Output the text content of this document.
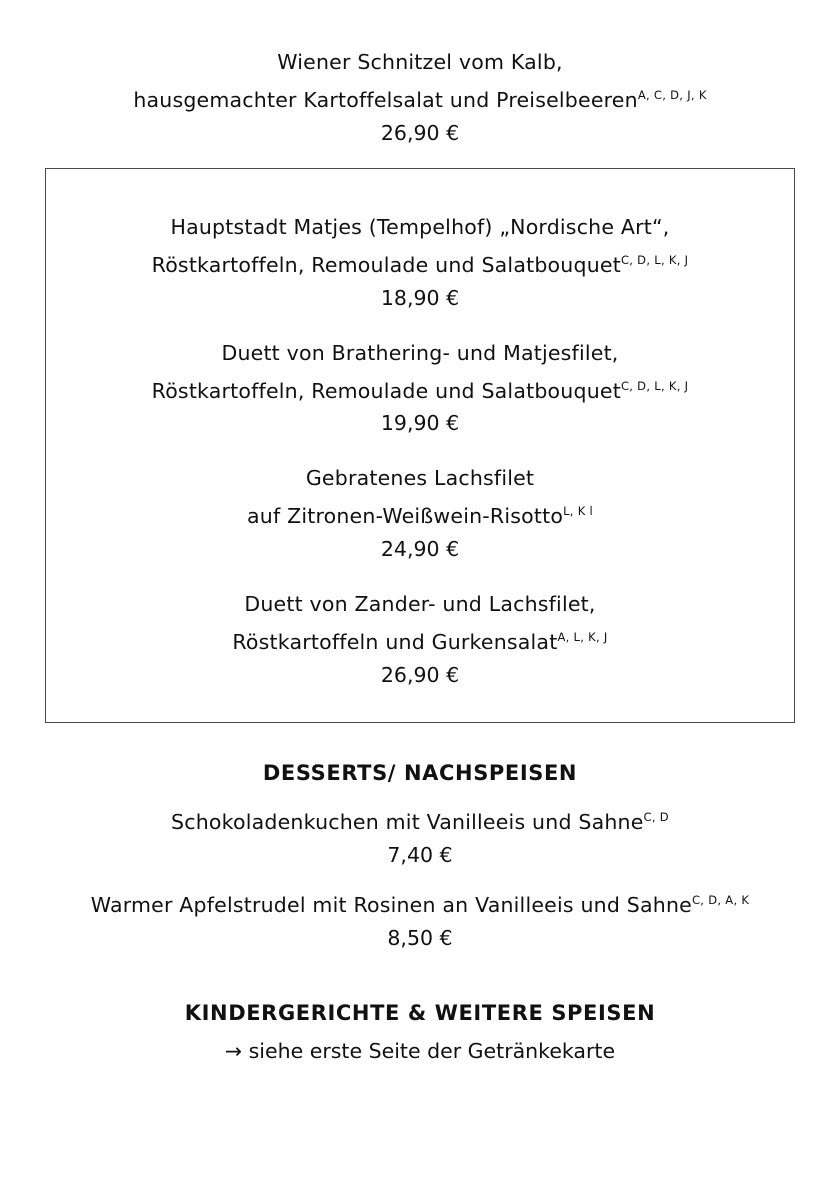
Wiener Schnitzel vom Kalb,
hausgemachter Kartoffelsalat und Preiselbeeren$^{A, C, D, J, K}$
26,90 €
Hauptstadt Matjes (Tempelhof) „Nordische Art“,
Röstkartoffeln, Remoulade und Salatbouquet$^{C, D, L, K, J}$
18,90 €
Duett von Brathering- und Matjesfilet,
Röstkartoffeln, Remoulade und Salatbouquet$^{C, D, L, K, J}$
19,90 €
Gebratenes Lachsfilet
auf Zitronen-Weißwein-Risotto$^{L, K l}$
24,90 €
Duett von Zander- und Lachsfilet,
Röstkartoffeln und Gurkensalat$^{A, L, K, J}$
26,90 €
DESSERTS/ NACHSPEISEN
Schokoladenkuchen mit Vanilleeis und Sahne$^{C, D}$
7,40 €
Warmer Apfelstrudel mit Rosinen an Vanilleeis und Sahne$^{C, D, A, K}$
8,50 €
KINDERGERICHTE & WEITERE SPEISEN
→ siehe erste Seite der Getränkekarte
